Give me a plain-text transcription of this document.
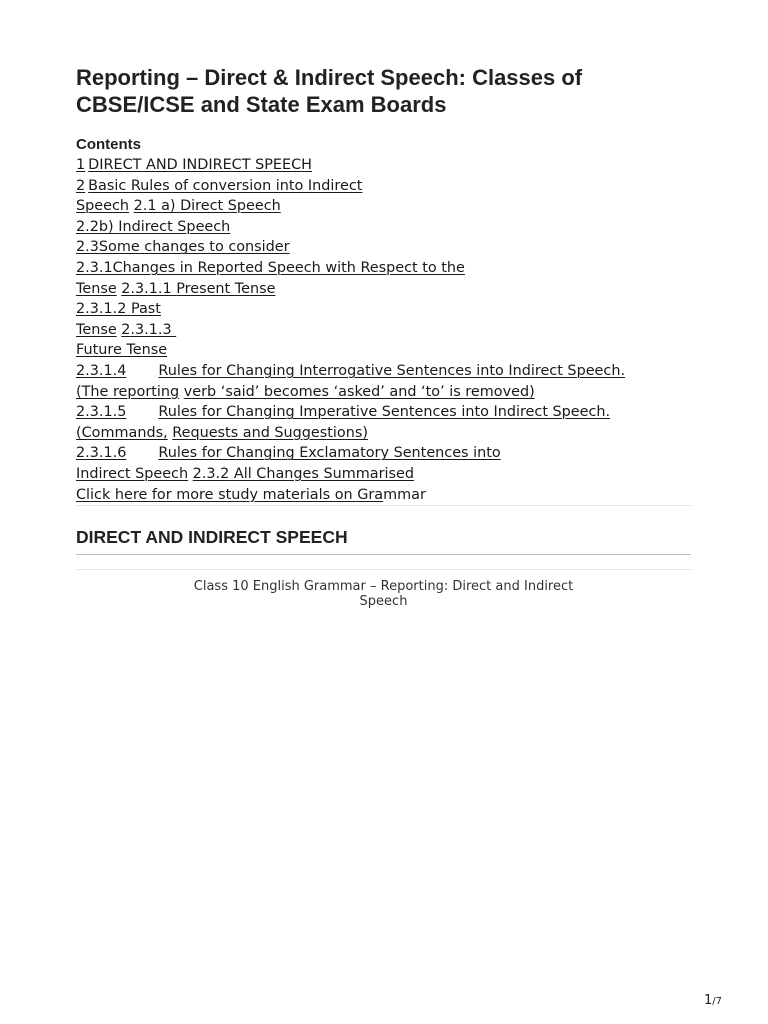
Reporting – Direct & Indirect Speech: Classes of CBSE/ICSE and State Exam Boards
Contents
1 DIRECT AND INDIRECT SPEECH
2 Basic Rules of conversion into Indirect
Speech 2.1 a) Direct Speech
2.2b) Indirect Speech
2.3Some changes to consider
2.3.1Changes in Reported Speech with Respect to the
Tense 2.3.1.1 Present Tense
2.3.1.2 Past
Tense 2.3.1.3
Future Tense
2.3.1.4 Rules for Changing Interrogative Sentences into Indirect Speech.
(The reporting verb ‘said’ becomes ‘asked’ and ‘to’ is removed)
2.3.1.5 Rules for Changing Imperative Sentences into Indirect Speech.
(Commands, Requests and Suggestions)
2.3.1.6 Rules for Changing Exclamatory Sentences into
Indirect Speech 2.3.2 All Changes Summarised
Click here for more study materials on Grammar
DIRECT AND INDIRECT SPEECH
Class 10 English Grammar – Reporting: Direct and Indirect Speech
1/7
